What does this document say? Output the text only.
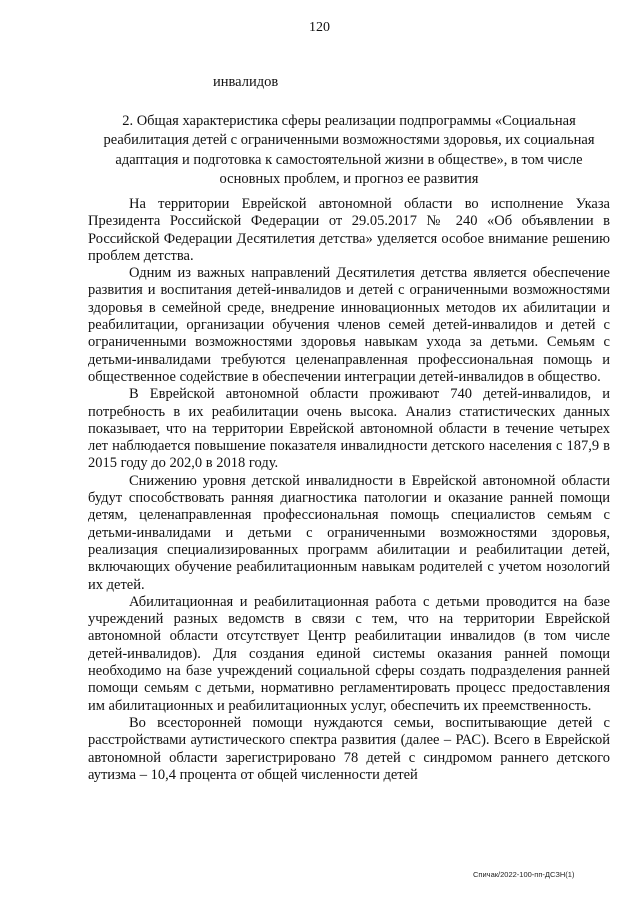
120
инвалидов
2. Общая характеристика сферы реализации подпрограммы «Социальная реабилитация детей с ограниченными возможностями здоровья, их социальная адаптация и подготовка к самостоятельной жизни в обществе», в том числе основных проблем, и прогноз ее развития

На территории Еврейской автономной области во исполнение Указа Президента Российской Федерации от 29.05.2017 № 240 «Об объявлении в Российской Федерации Десятилетия детства» уделяется особое внимание решению проблем детства.

Одним из важных направлений Десятилетия детства является обеспечение развития и воспитания детей-инвалидов и детей с ограниченными возможностями здоровья в семейной среде, внедрение инновационных методов их абилитации и реабилитации, организации обучения членов семей детей-инвалидов и детей с ограниченными возможностями здоровья навыкам ухода за детьми. Семьям с детьми-инвалидами требуются целенаправленная профессиональная помощь и общественное содействие в обеспечении интеграции детей-инвалидов в общество.

В Еврейской автономной области проживают 740 детей-инвалидов, и потребность в их реабилитации очень высока. Анализ статистических данных показывает, что на территории Еврейской автономной области в течение четырех лет наблюдается повышение показателя инвалидности детского населения с 187,9 в 2015 году до 202,0 в 2018 году.

Снижению уровня детской инвалидности в Еврейской автономной области будут способствовать ранняя диагностика патологии и оказание ранней помощи детям, целенаправленная профессиональная помощь специалистов семьям с детьми-инвалидами и детьми с ограниченными возможностями здоровья, реализация специализированных программ абилитации и реабилитации детей, включающих обучение реабилитационным навыкам родителей с учетом нозологий их детей.

Абилитационная и реабилитационная работа с детьми проводится на базе учреждений разных ведомств в связи с тем, что на территории Еврейской автономной области отсутствует Центр реабилитации инвалидов (в том числе детей-инвалидов). Для создания единой системы оказания ранней помощи необходимо на базе учреждений социальной сферы создать подразделения ранней помощи семьям с детьми, нормативно регламентировать процесс предоставления им абилитационных и реабилитационных услуг, обеспечить их преемственность.

Во всесторонней помощи нуждаются семьи, воспитывающие детей с расстройствами аутистического спектра развития (далее – РАС). Всего в Еврейской автономной области зарегистрировано 78 детей с синдромом раннего детского аутизма – 10,4 процента от общей численности детей

Спичак/2022-100-пп-ДСЗН(1)
